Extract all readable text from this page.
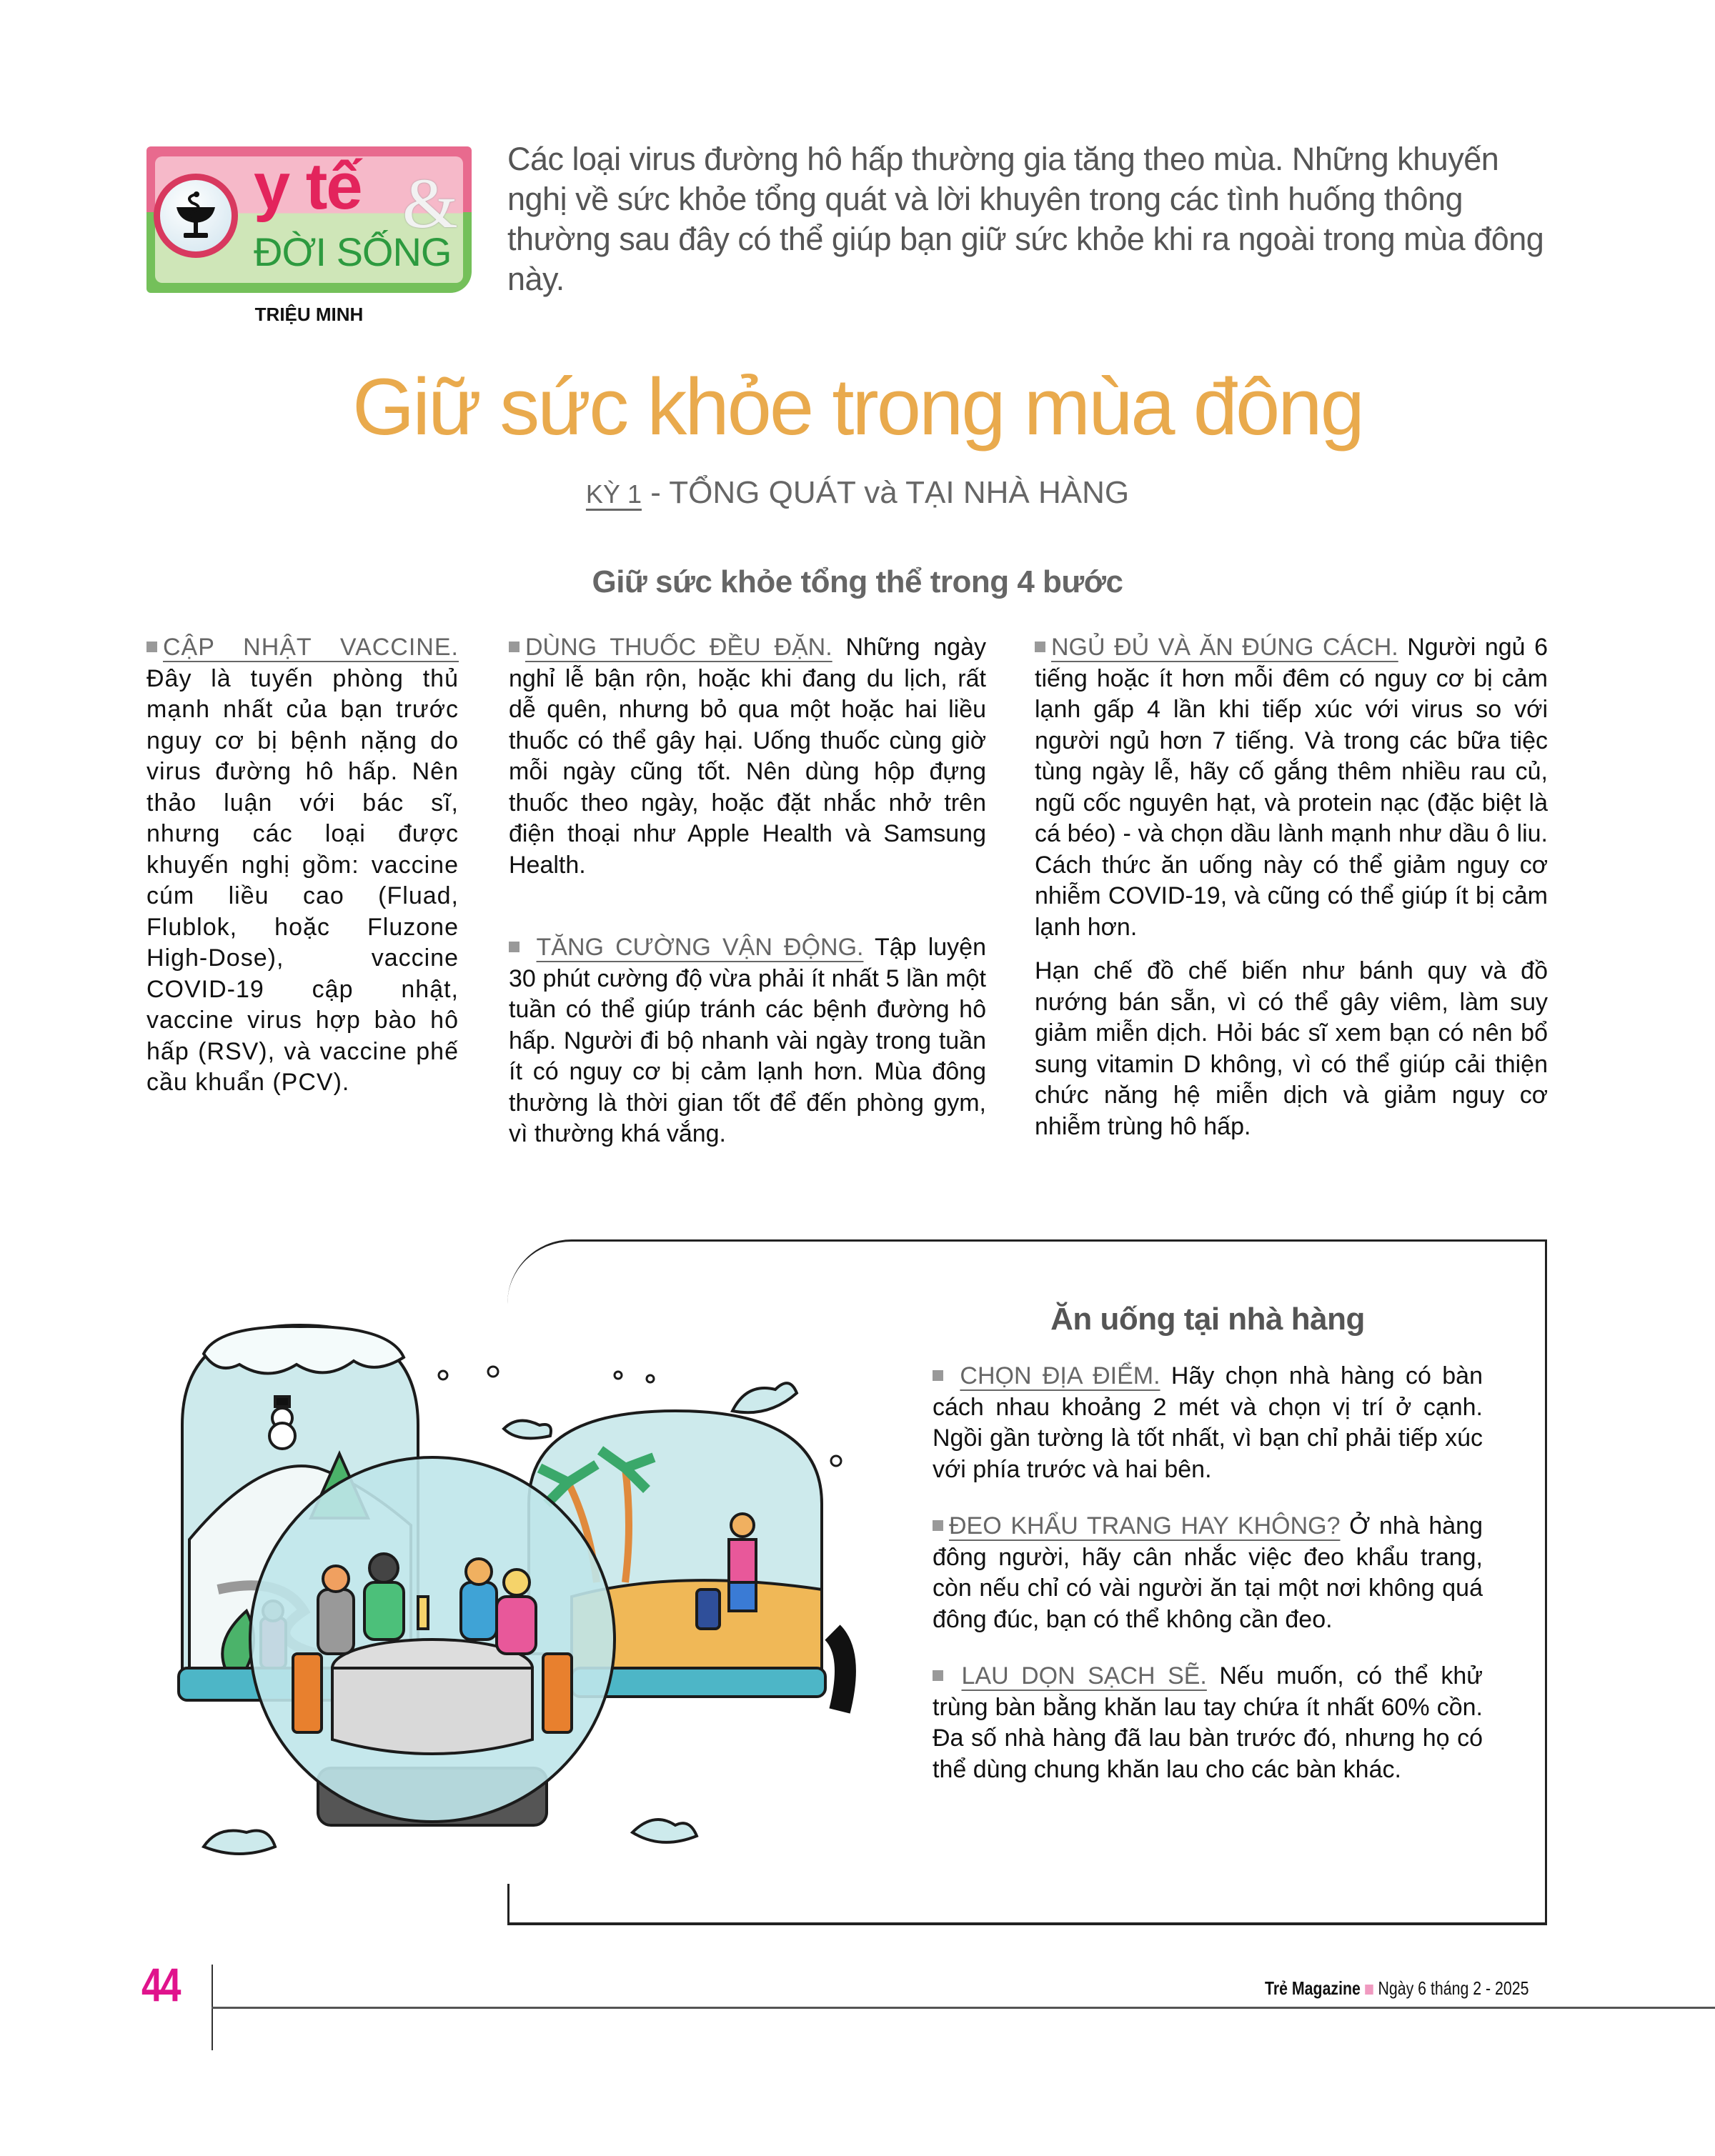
y tế &
ĐỜI SỐNG
TRIỆU MINH
Các loại virus đường hô hấp thường gia tăng theo mùa. Những khuyến nghị về sức khỏe tổng quát và lời khuyên trong các tình huống thông thường sau đây có thể giúp bạn giữ sức khỏe khi ra ngoài trong mùa đông này.
Giữ sức khỏe trong mùa đông
KỲ 1 - TỔNG QUÁT và TẠI NHÀ HÀNG
Giữ sức khỏe tổng thể trong 4 bước

CẬP NHẬT VACCINE. Đây là tuyến phòng thủ mạnh nhất của bạn trước nguy cơ bị bệnh nặng do virus đường hô hấp. Nên thảo luận với bác sĩ, nhưng các loại được khuyến nghị gồm: vaccine cúm liều cao (Fluad, Flublok, hoặc Fluzone High-Dose), vaccine COVID-19 cập nhật, vaccine virus hợp bào hô hấp (RSV), và vaccine phế cầu khuẩn (PCV).

DÙNG THUỐC ĐỀU ĐẶN. Những ngày nghỉ lễ bận rộn, hoặc khi đang du lịch, rất dễ quên, nhưng bỏ qua một hoặc hai liều thuốc có thể gây hại. Uống thuốc cùng giờ mỗi ngày cũng tốt. Nên dùng hộp đựng thuốc theo ngày, hoặc đặt nhắc nhở trên điện thoại như Apple Health và Samsung Health.

TĂNG CƯỜNG VẬN ĐỘNG. Tập luyện 30 phút cường độ vừa phải ít nhất 5 lần một tuần có thể giúp tránh các bệnh đường hô hấp. Người đi bộ nhanh vài ngày trong tuần ít có nguy cơ bị cảm lạnh hơn. Mùa đông thường là thời gian tốt để đến phòng gym, vì thường khá vắng.

NGỦ ĐỦ VÀ ĂN ĐÚNG CÁCH. Người ngủ 6 tiếng hoặc ít hơn mỗi đêm có nguy cơ bị cảm lạnh gấp 4 lần khi tiếp xúc với virus so với người ngủ hơn 7 tiếng. Và trong các bữa tiệc tùng ngày lễ, hãy cố gắng thêm nhiều rau củ, ngũ cốc nguyên hạt, và protein nạc (đặc biệt là cá béo) - và chọn dầu lành mạnh như dầu ô liu. Cách thức ăn uống này có thể giảm nguy cơ nhiễm COVID-19, và cũng có thể giúp ít bị cảm lạnh hơn.

Hạn chế đồ chế biến như bánh quy và đồ nướng bán sẵn, vì có thể gây viêm, làm suy giảm miễn dịch. Hỏi bác sĩ xem bạn có nên bổ sung vitamin D không, vì có thể giúp cải thiện chức năng hệ miễn dịch và giảm nguy cơ nhiễm trùng hô hấp.

Ăn uống tại nhà hàng

CHỌN ĐỊA ĐIỂM. Hãy chọn nhà hàng có bàn cách nhau khoảng 2 mét và chọn vị trí ở cạnh. Ngồi gần tường là tốt nhất, vì bạn chỉ phải tiếp xúc với phía trước và hai bên.

ĐEO KHẨU TRANG HAY KHÔNG? Ở nhà hàng đông người, hãy cân nhắc việc đeo khẩu trang, còn nếu chỉ có vài người ăn tại một nơi không quá đông đúc, bạn có thể không cần đeo.

LAU DỌN SẠCH SẼ. Nếu muốn, có thể khử trùng bàn bằng khăn lau tay chứa ít nhất 60% cồn. Đa số nhà hàng đã lau bàn trước đó, nhưng họ có thể dùng chung khăn lau cho các bàn khác.

44	Trẻ Magazine Ngày 6 tháng 2 - 2025
